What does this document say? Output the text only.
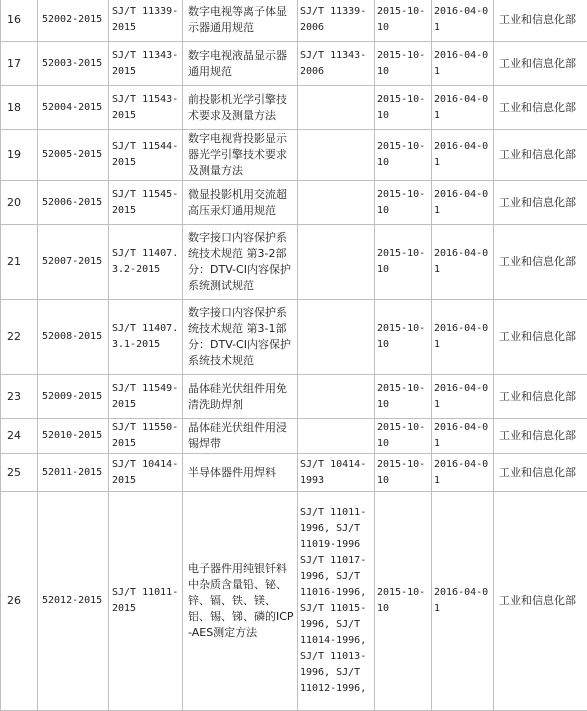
16	52002-2015	SJ/T 11339-2015	数字电视等离子体显示器通用规范	SJ/T 11339-2006	2015-10-10	2016-04-01	工业和信息化部
17	52003-2015	SJ/T 11343-2015	数字电视液晶显示器通用规范	SJ/T 11343-2006	2015-10-10	2016-04-01	工业和信息化部
18	52004-2015	SJ/T 11543-2015	前投影机光学引擎技术要求及测量方法		2015-10-10	2016-04-01	工业和信息化部
19	52005-2015	SJ/T 11544-2015	数字电视背投影显示器光学引擎技术要求及测量方法		2015-10-10	2016-04-01	工业和信息化部
20	52006-2015	SJ/T 11545-2015	微显投影机用交流超高压汞灯通用规范		2015-10-10	2016-04-01	工业和信息化部
21	52007-2015	SJ/T 11407.3.2-2015	数字接口内容保护系统技术规范 第3-2部分：DTV-CI内容保护系统测试规范		2015-10-10	2016-04-01	工业和信息化部
22	52008-2015	SJ/T 11407.3.1-2015	数字接口内容保护系统技术规范 第3-1部分：DTV-CI内容保护系统技术规范		2015-10-10	2016-04-01	工业和信息化部
23	52009-2015	SJ/T 11549-2015	晶体硅光伏组件用免清洗助焊剂		2015-10-10	2016-04-01	工业和信息化部
24	52010-2015	SJ/T 11550-2015	晶体硅光伏组件用浸锡焊带		2015-10-10	2016-04-01	工业和信息化部
25	52011-2015	SJ/T 10414-2015	半导体器件用焊料	SJ/T 10414-1993	2015-10-10	2016-04-01	工业和信息化部
26	52012-2015	SJ/T 11011-2015	电子器件用纯银钎料中杂质含量铅、铋、锌、镉、铁、镁、铝、锡、锑、磷的ICP-AES测定方法	SJ/T 11011-1996, SJ/T 11019-1996 SJ/T 11017-1996, SJ/T 11016-1996, SJ/T 11015-1996, SJ/T 11014-1996, SJ/T 11013-1996, SJ/T 11012-1996,	2015-10-10	2016-04-01	工业和信息化部
